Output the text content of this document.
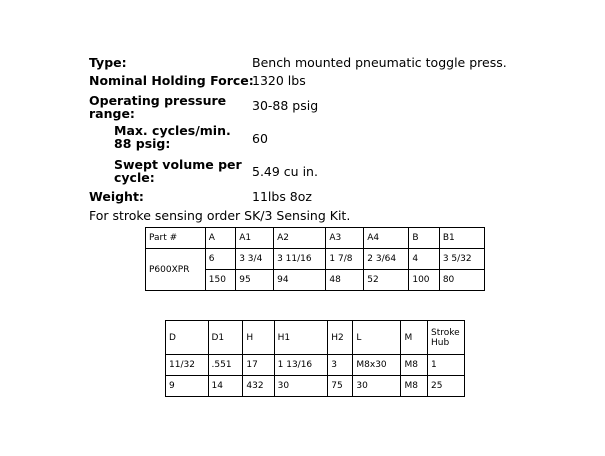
Type:	Bench mounted pneumatic toggle press.
Nominal Holding Force:
1320 lbs
Operating pressure
range:
30-88 psig
Max. cycles/min.
88 psig:	60
Swept volume per
cycle:	5.49 cu in.
Weight:	11lbs 8oz
For stroke sensing order SK/3 Sensing Kit.
Part #	A	A1	A2	A3	A4	B	B1
P600XPR	6	3 3/4	3 11/16	1 7/8	2 3/64	4	3 5/32
	150	95	94	48	52	100	80
D	D1	H	H1	H2	L	M	Stroke Hub
11/32	.551	17	1 13/16	3	M8x30	M8	1
9	14	432	30	75	30	M8	25
